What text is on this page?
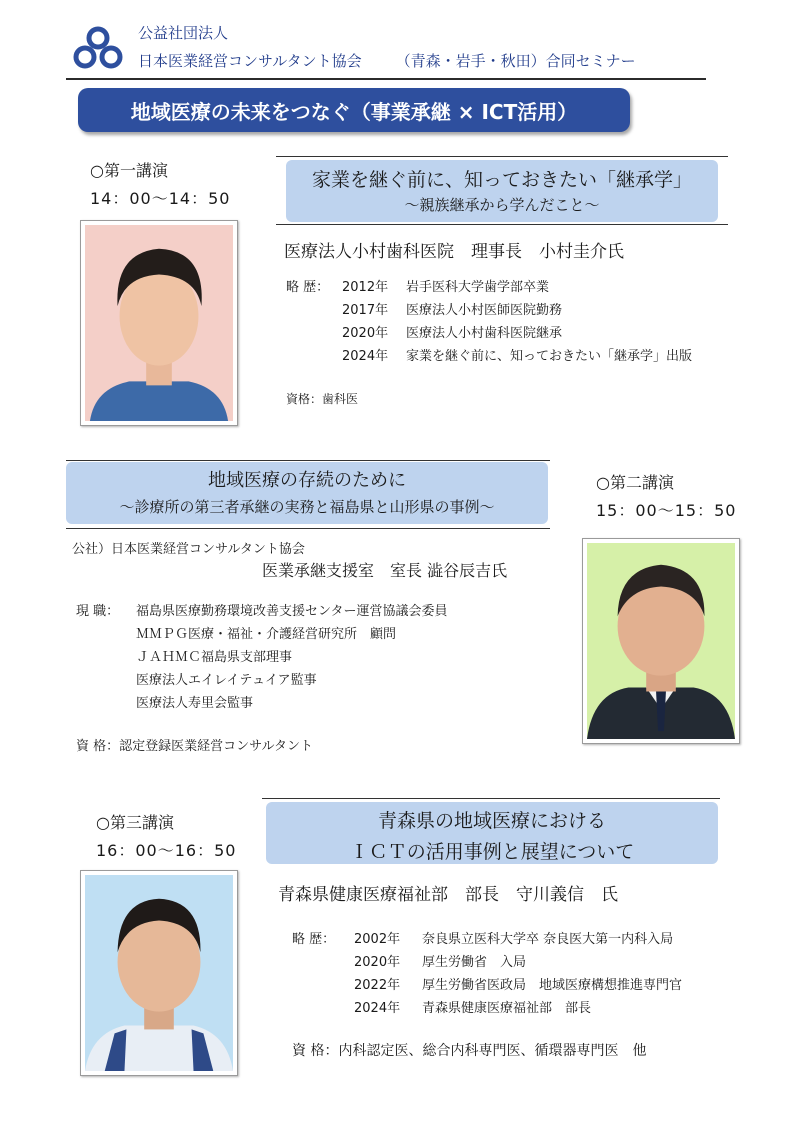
公益社団法人
日本医業経営コンサルタント協会 （青森・岩手・秋田）合同セミナー
地域医療の未来をつなぐ（事業承継 × ICT活用）
○第一講演
14：00〜14：50
家業を継ぐ前に、知っておきたい「継承学」
〜親族継承から学んだこと〜
医療法人小村歯科医院　理事長　小村圭介氏
略 歴： 2012年	岩手医科大学歯学部卒業
2017年	医療法人小村医師医院勤務
2020年	医療法人小村歯科医院継承
2024年	家業を継ぐ前に、知っておきたい「継承学」出版
資格：歯科医
地域医療の存続のために
〜診療所の第三者承継の実務と福島県と山形県の事例〜
○第二講演
15：00〜15：50
公社）日本医業経営コンサルタント協会
医業承継支援室　室長 澁谷辰吉氏
現 職：	福島県医療勤務環境改善支援センター運営協議会委員
ＭＭＰＧ医療・福祉・介護経営研究所　顧問
ＪＡＨＭＣ福島県支部理事
医療法人エイレイテュイア監事
医療法人寿里会監事
資 格：認定登録医業経営コンサルタント
○第三講演
16：00〜16：50
青森県の地域医療における
ＩＣＴの活用事例と展望について
青森県健康医療福祉部　部長　守川義信　氏
略 歴：	2002年	奈良県立医科大学卒 奈良医大第一内科入局
2020年	厚生労働省　入局
2022年	厚生労働省医政局　地域医療構想推進専門官
2024年	青森県健康医療福祉部　部長
資 格：内科認定医、総合内科専門医、循環器専門医　他
